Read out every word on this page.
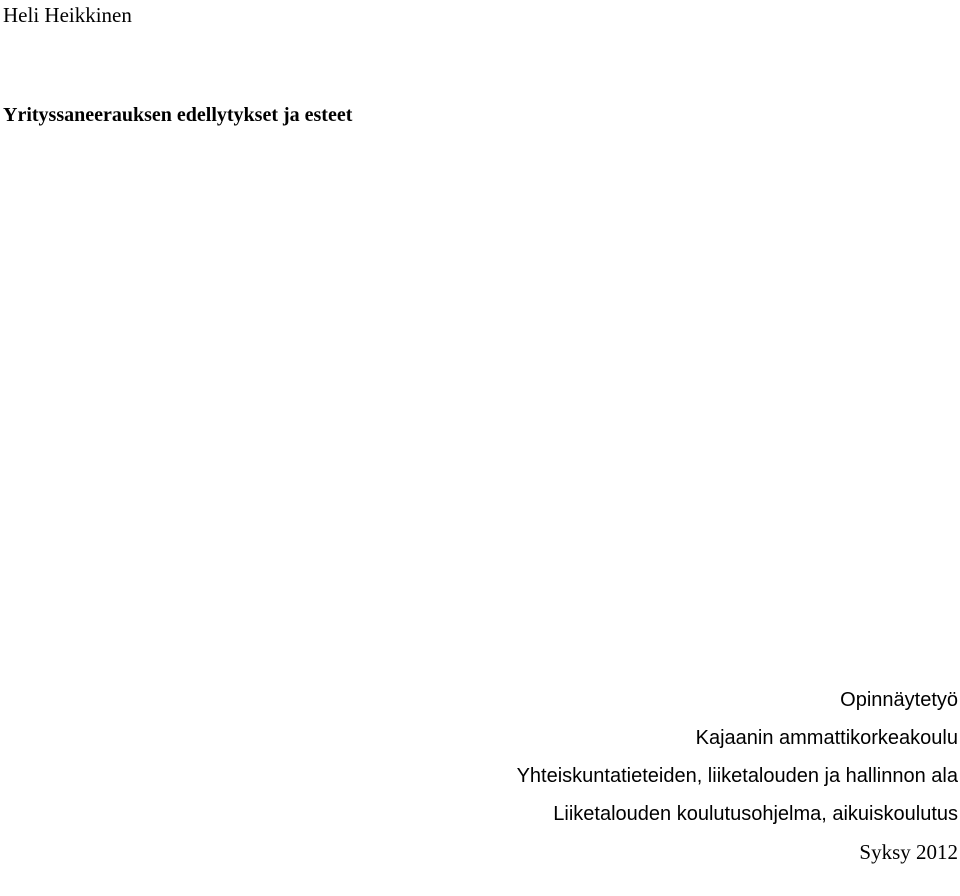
Heli Heikkinen
Yrityssaneerauksen edellytykset ja esteet
Opinnäytetyö
Kajaanin ammattikorkeakoulu
Yhteiskuntatieteiden, liiketalouden ja hallinnon ala
Liiketalouden koulutusohjelma, aikuiskoulutus
Syksy 2012
